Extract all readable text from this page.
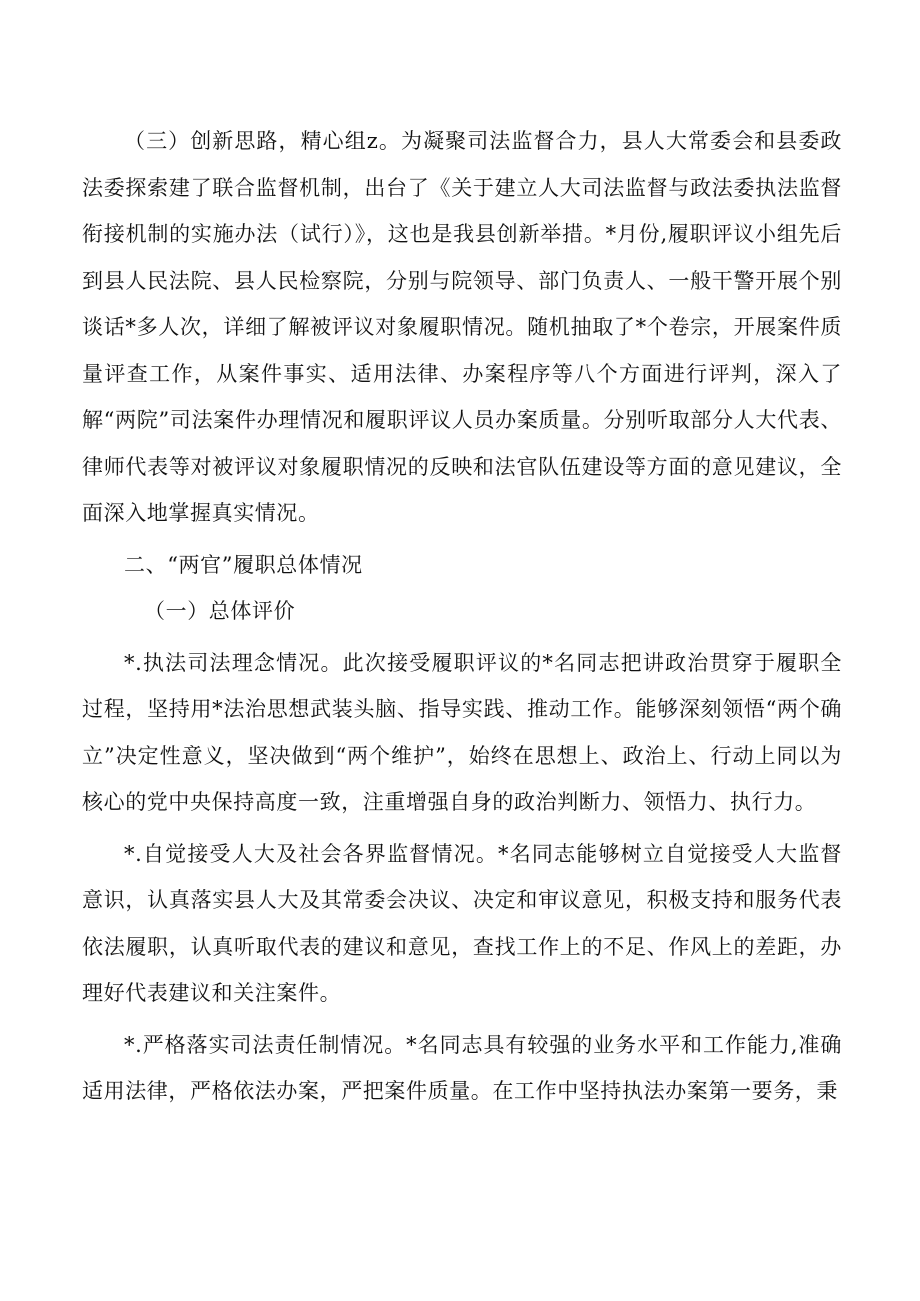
（三）创新思路，精心组z。为凝聚司法监督合力，县人大常委会和县委政法委探索建了联合监督机制，出台了《关于建立人大司法监督与政法委执法监督衔接机制的实施办法（试行）》，这也是我县创新举措。*月份,履职评议小组先后到县人民法院、县人民检察院，分别与院领导、部门负责人、一般干警开展个别谈话*多人次，详细了解被评议对象履职情况。随机抽取了*个卷宗，开展案件质量评查工作，从案件事实、适用法律、办案程序等八个方面进行评判，深入了解“两院”司法案件办理情况和履职评议人员办案质量。分别听取部分人大代表、律师代表等对被评议对象履职情况的反映和法官队伍建设等方面的意见建议，全面深入地掌握真实情况。

二、“两官”履职总体情况

（一）总体评价

*.执法司法理念情况。此次接受履职评议的*名同志把讲政治贯穿于履职全过程，坚持用*法治思想武装头脑、指导实践、推动工作。能够深刻领悟“两个确立”决定性意义，坚决做到“两个维护”，始终在思想上、政治上、行动上同以为核心的党中央保持高度一致，注重增强自身的政治判断力、领悟力、执行力。

*.自觉接受人大及社会各界监督情况。*名同志能够树立自觉接受人大监督意识，认真落实县人大及其常委会决议、决定和审议意见，积极支持和服务代表依法履职，认真听取代表的建议和意见，查找工作上的不足、作风上的差距，办理好代表建议和关注案件。

*.严格落实司法责任制情况。*名同志具有较强的业务水平和工作能力,准确适用法律，严格依法办案，严把案件质量。在工作中坚持执法办案第一要务，秉
